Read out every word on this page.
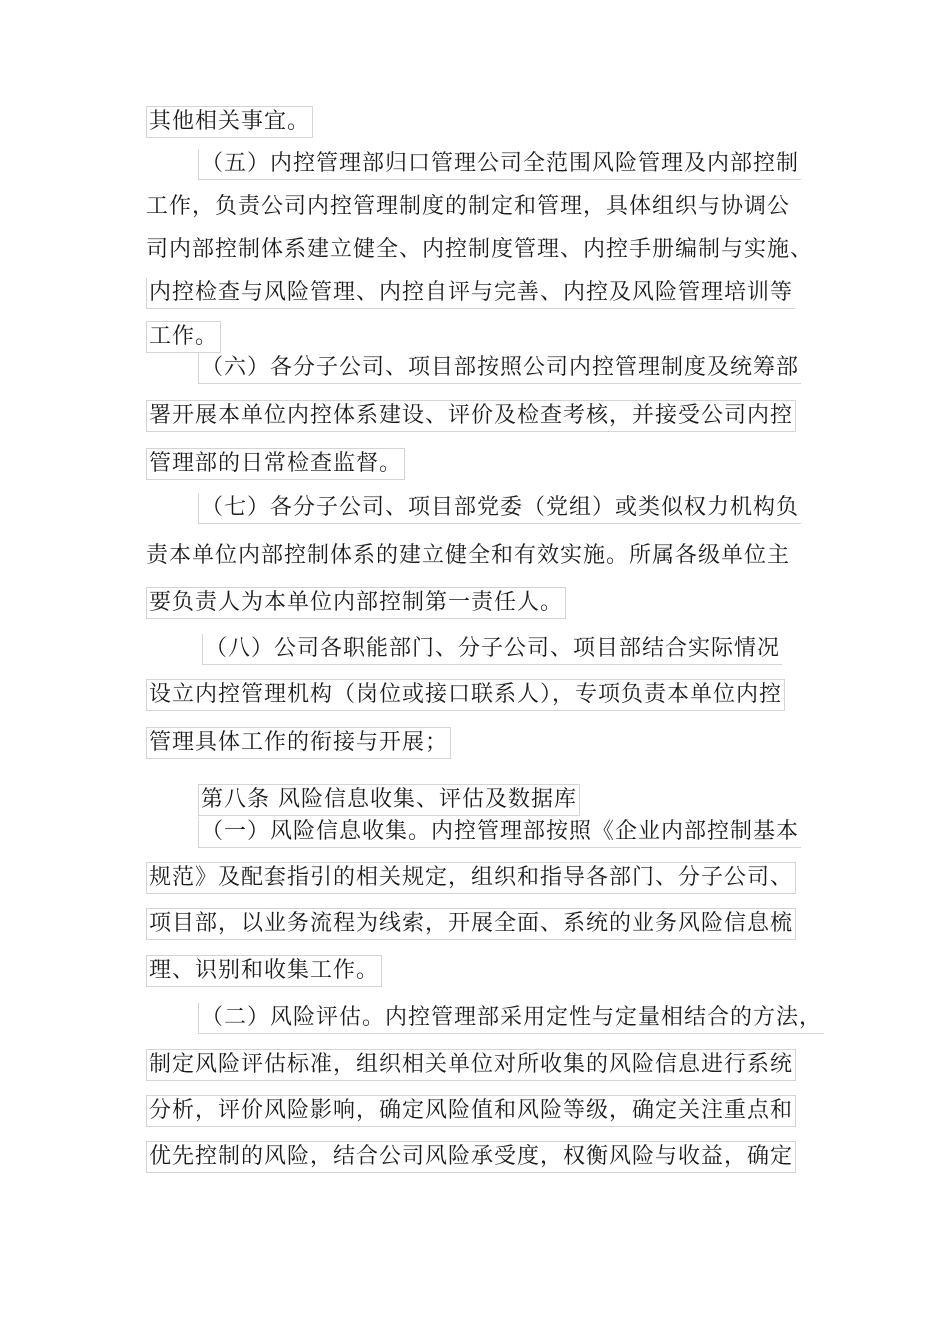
其他相关事宜。
（五）内控管理部归口管理公司全范围风险管理及内部控制
工作，负责公司内控管理制度的制定和管理，具体组织与协调公
司内部控制体系建立健全、内控制度管理、内控手册编制与实施、
内控检查与风险管理、内控自评与完善、内控及风险管理培训等
工作。
（六）各分子公司、项目部按照公司内控管理制度及统筹部
署开展本单位内控体系建设、评价及检查考核，并接受公司内控
管理部的日常检查监督。
（七）各分子公司、项目部党委（党组）或类似权力机构负
责本单位内部控制体系的建立健全和有效实施。所属各级单位主
要负责人为本单位内部控制第一责任人。
（八）公司各职能部门、分子公司、项目部结合实际情况
设立内控管理机构（岗位或接口联系人），专项负责本单位内控
管理具体工作的衔接与开展；
第八条 风险信息收集、评估及数据库
（一）风险信息收集。内控管理部按照《企业内部控制基本
规范》及配套指引的相关规定，组织和指导各部门、分子公司、
项目部，以业务流程为线索，开展全面、系统的业务风险信息梳
理、识别和收集工作。
（二）风险评估。内控管理部采用定性与定量相结合的方法，
制定风险评估标准，组织相关单位对所收集的风险信息进行系统
分析，评价风险影响，确定风险值和风险等级，确定关注重点和
优先控制的风险，结合公司风险承受度，权衡风险与收益，确定
